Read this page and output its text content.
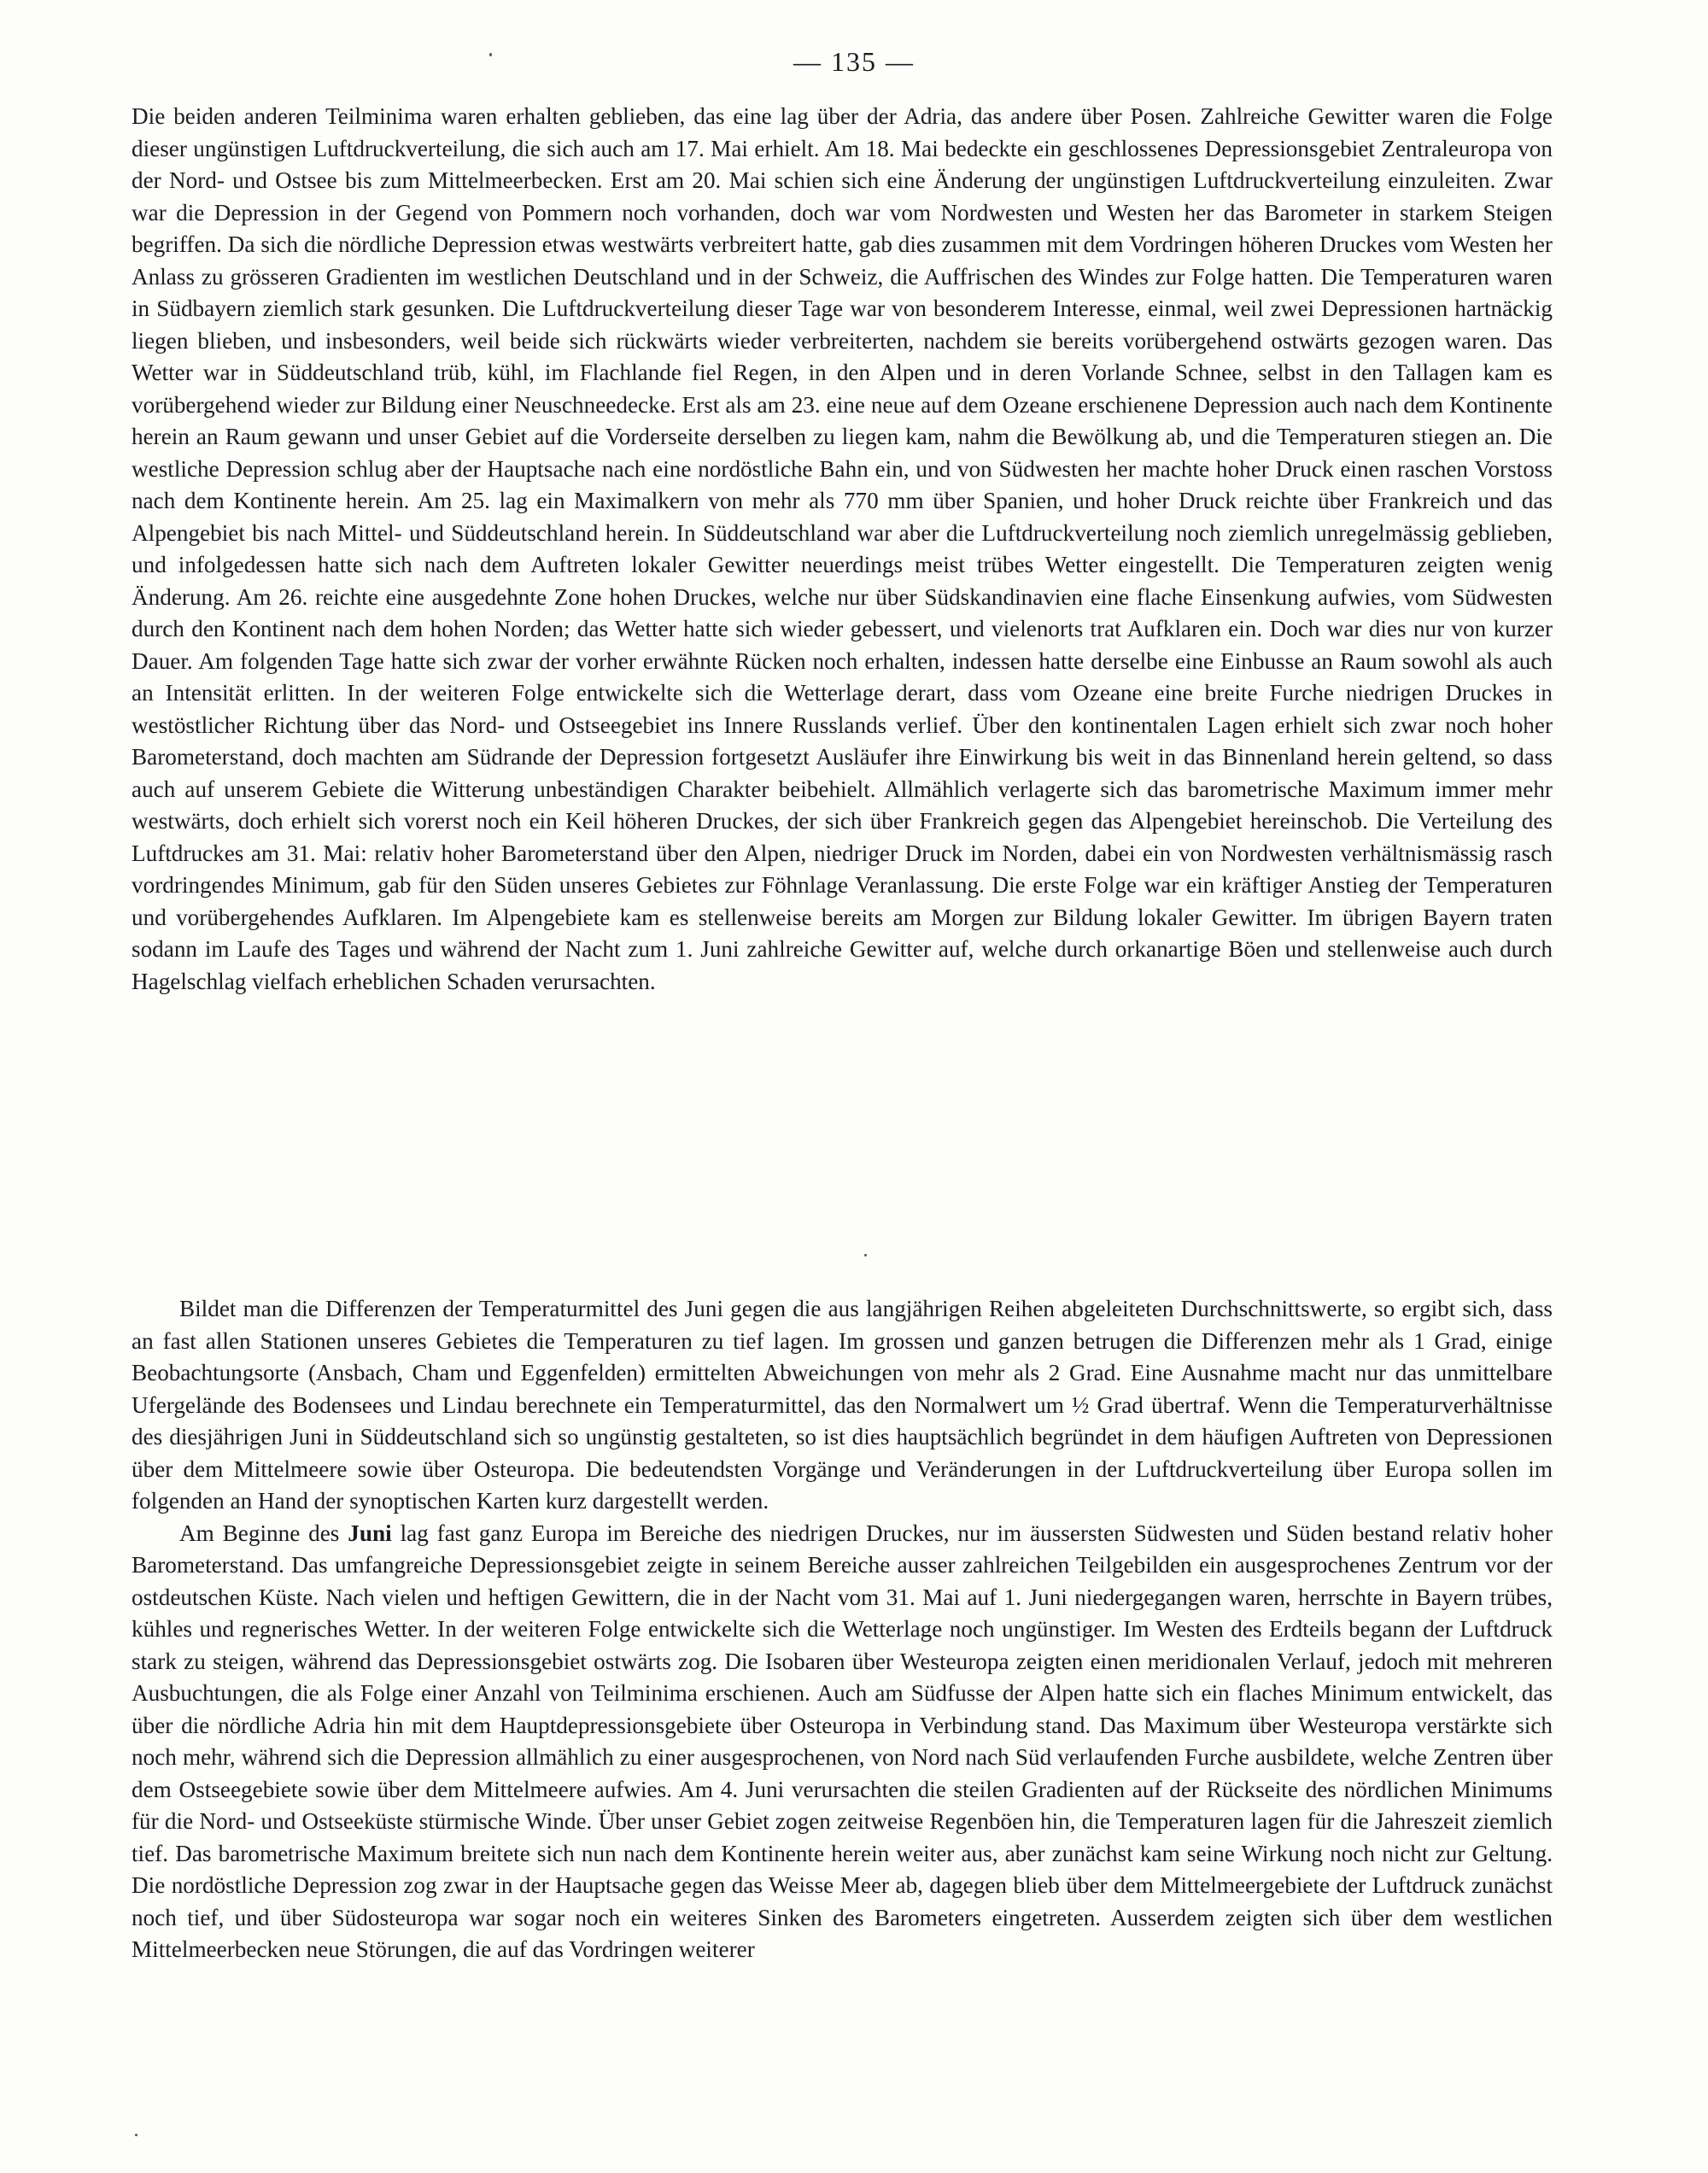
— 135 —

Die beiden anderen Teilminima waren erhalten geblieben, das eine lag über der Adria, das andere über Posen. Zahlreiche Gewitter waren die Folge dieser ungünstigen Luftdruckverteilung, die sich auch am 17. Mai erhielt. Am 18. Mai bedeckte ein geschlossenes Depressionsgebiet Zentraleuropa von der Nord- und Ostsee bis zum Mittelmeerbecken. Erst am 20. Mai schien sich eine Änderung der ungünstigen Luftdruckverteilung einzuleiten. Zwar war die Depression in der Gegend von Pommern noch vorhanden, doch war vom Nordwesten und Westen her das Barometer in starkem Steigen begriffen. Da sich die nördliche Depression etwas westwärts verbreitert hatte, gab dies zusammen mit dem Vordringen höheren Druckes vom Westen her Anlass zu grösseren Gradienten im westlichen Deutschland und in der Schweiz, die Auffrischen des Windes zur Folge hatten. Die Temperaturen waren in Südbayern ziemlich stark gesunken. Die Luftdruckverteilung dieser Tage war von besonderem Interesse, einmal, weil zwei Depressionen hartnäckig liegen blieben, und insbesonders, weil beide sich rückwärts wieder verbreiterten, nachdem sie bereits vorübergehend ostwärts gezogen waren. Das Wetter war in Süddeutschland trüb, kühl, im Flachlande fiel Regen, in den Alpen und in deren Vorlande Schnee, selbst in den Tallagen kam es vorübergehend wieder zur Bildung einer Neuschneedecke. Erst als am 23. eine neue auf dem Ozeane erschienene Depression auch nach dem Kontinente herein an Raum gewann und unser Gebiet auf die Vorderseite derselben zu liegen kam, nahm die Bewölkung ab, und die Temperaturen stiegen an. Die westliche Depression schlug aber der Hauptsache nach eine nordöstliche Bahn ein, und von Südwesten her machte hoher Druck einen raschen Vorstoss nach dem Kontinente herein. Am 25. lag ein Maximalkern von mehr als 770 mm über Spanien, und hoher Druck reichte über Frankreich und das Alpengebiet bis nach Mittel- und Süddeutschland herein. In Süddeutschland war aber die Luftdruckverteilung noch ziemlich unregelmässig geblieben, und infolgedessen hatte sich nach dem Auftreten lokaler Gewitter neuerdings meist trübes Wetter eingestellt. Die Temperaturen zeigten wenig Änderung. Am 26. reichte eine ausgedehnte Zone hohen Druckes, welche nur über Südskandinavien eine flache Einsenkung aufwies, vom Südwesten durch den Kontinent nach dem hohen Norden; das Wetter hatte sich wieder gebessert, und vielenorts trat Aufklaren ein. Doch war dies nur von kurzer Dauer. Am folgenden Tage hatte sich zwar der vorher erwähnte Rücken noch erhalten, indessen hatte derselbe eine Einbusse an Raum sowohl als auch an Intensität erlitten. In der weiteren Folge entwickelte sich die Wetterlage derart, dass vom Ozeane eine breite Furche niedrigen Druckes in westöstlicher Richtung über das Nord- und Ostseegebiet ins Innere Russlands verlief. Über den kontinentalen Lagen erhielt sich zwar noch hoher Barometerstand, doch machten am Südrande der Depression fortgesetzt Ausläufer ihre Einwirkung bis weit in das Binnenland herein geltend, so dass auch auf unserem Gebiete die Witterung unbeständigen Charakter beibehielt. Allmählich verlagerte sich das barometrische Maximum immer mehr westwärts, doch erhielt sich vorerst noch ein Keil höheren Druckes, der sich über Frankreich gegen das Alpengebiet hereinschob. Die Verteilung des Luftdruckes am 31. Mai: relativ hoher Barometerstand über den Alpen, niedriger Druck im Norden, dabei ein von Nordwesten verhältnismässig rasch vordringendes Minimum, gab für den Süden unseres Gebietes zur Föhnlage Veranlassung. Die erste Folge war ein kräftiger Anstieg der Temperaturen und vorübergehendes Aufklaren. Im Alpengebiete kam es stellenweise bereits am Morgen zur Bildung lokaler Gewitter. Im übrigen Bayern traten sodann im Laufe des Tages und während der Nacht zum 1. Juni zahlreiche Gewitter auf, welche durch orkanartige Böen und stellenweise auch durch Hagelschlag vielfach erheblichen Schaden verursachten.

Bildet man die Differenzen der Temperaturmittel des Juni gegen die aus langjährigen Reihen abgeleiteten Durchschnittswerte, so ergibt sich, dass an fast allen Stationen unseres Gebietes die Temperaturen zu tief lagen. Im grossen und ganzen betrugen die Differenzen mehr als 1 Grad, einige Beobachtungsorte (Ansbach, Cham und Eggenfelden) ermittelten Abweichungen von mehr als 2 Grad. Eine Ausnahme macht nur das unmittelbare Ufergelände des Bodensees und Lindau berechnete ein Temperaturmittel, das den Normalwert um ½ Grad übertraf. Wenn die Temperaturverhältnisse des diesjährigen Juni in Süddeutschland sich so ungünstig gestalteten, so ist dies hauptsächlich begründet in dem häufigen Auftreten von Depressionen über dem Mittelmeere sowie über Osteuropa. Die bedeutendsten Vorgänge und Veränderungen in der Luftdruckverteilung über Europa sollen im folgenden an Hand der synoptischen Karten kurz dargestellt werden.

Am Beginne des Juni lag fast ganz Europa im Bereiche des niedrigen Druckes, nur im äussersten Südwesten und Süden bestand relativ hoher Barometerstand. Das umfangreiche Depressionsgebiet zeigte in seinem Bereiche ausser zahlreichen Teilgebilden ein ausgesprochenes Zentrum vor der ostdeutschen Küste. Nach vielen und heftigen Gewittern, die in der Nacht vom 31. Mai auf 1. Juni niedergegangen waren, herrschte in Bayern trübes, kühles und regnerisches Wetter. In der weiteren Folge entwickelte sich die Wetterlage noch ungünstiger. Im Westen des Erdteils begann der Luftdruck stark zu steigen, während das Depressionsgebiet ostwärts zog. Die Isobaren über Westeuropa zeigten einen meridionalen Verlauf, jedoch mit mehreren Ausbuchtungen, die als Folge einer Anzahl von Teilminima erschienen. Auch am Südfusse der Alpen hatte sich ein flaches Minimum entwickelt, das über die nördliche Adria hin mit dem Hauptdepressionsgebiete über Osteuropa in Verbindung stand. Das Maximum über Westeuropa verstärkte sich noch mehr, während sich die Depression allmählich zu einer ausgesprochenen, von Nord nach Süd verlaufenden Furche ausbildete, welche Zentren über dem Ostseegebiete sowie über dem Mittelmeere aufwies. Am 4. Juni verursachten die steilen Gradienten auf der Rückseite des nördlichen Minimums für die Nord- und Ostseeküste stürmische Winde. Über unser Gebiet zogen zeitweise Regenböen hin, die Temperaturen lagen für die Jahreszeit ziemlich tief. Das barometrische Maximum breitete sich nun nach dem Kontinente herein weiter aus, aber zunächst kam seine Wirkung noch nicht zur Geltung. Die nordöstliche Depression zog zwar in der Hauptsache gegen das Weisse Meer ab, dagegen blieb über dem Mittelmeergebiete der Luftdruck zunächst noch tief, und über Südosteuropa war sogar noch ein weiteres Sinken des Barometers eingetreten. Ausserdem zeigten sich über dem westlichen Mittelmeerbecken neue Störungen, die auf das Vordringen weiterer
